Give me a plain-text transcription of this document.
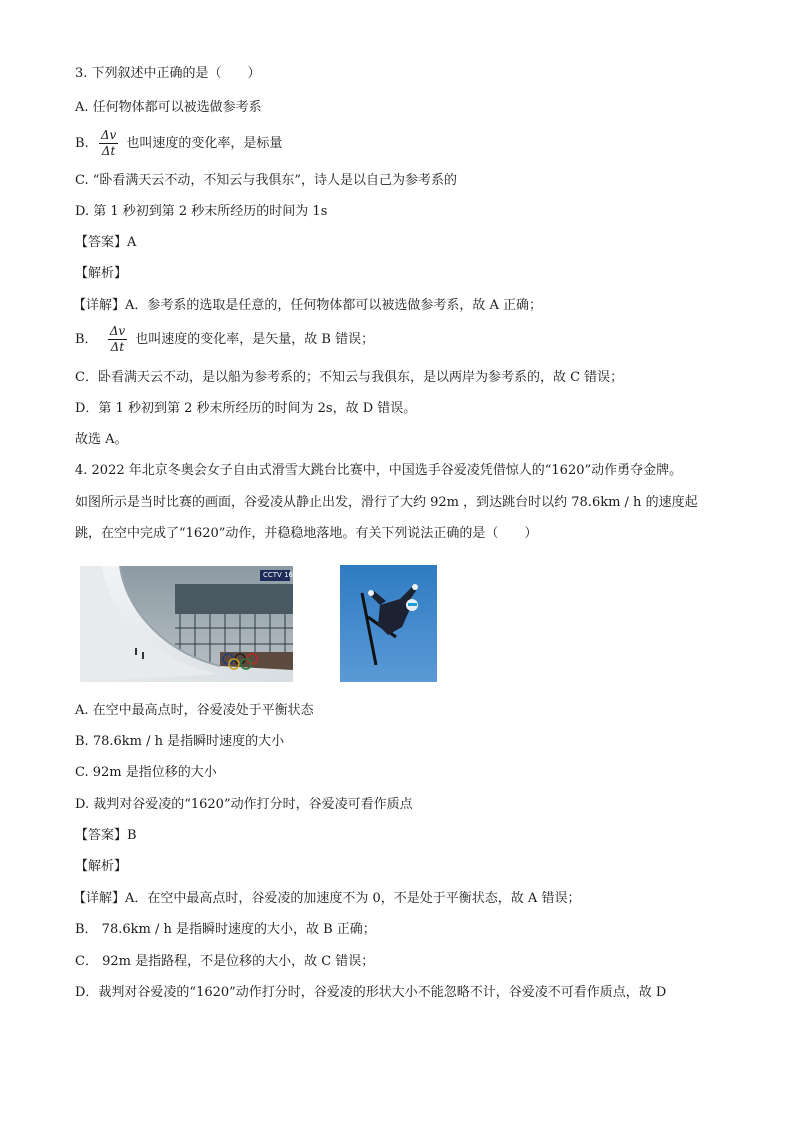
3. 下列叙述中正确的是（　　）
A. 任何物体都可以被选做参考系
B. $\frac{\Delta v}{\Delta t}$ 也叫速度的变化率，是标量
C. “卧看满天云不动，不知云与我俱东”，诗人是以自己为参考系的
D. 第 1 秒初到第 2 秒末所经历的时间为 1s
【答案】A
【解析】
【详解】A．参考系的选取是任意的，任何物体都可以被选做参考系，故 A 正确；
B． $\frac{\Delta v}{\Delta t}$ 也叫速度的变化率，是矢量，故 B 错误；
C．卧看满天云不动，是以船为参考系的；不知云与我俱东，是以两岸为参考系的，故 C 错误；
D．第 1 秒初到第 2 秒末所经历的时间为 2s，故 D 错误。
故选 A。
4. 2022 年北京冬奥会女子自由式滑雪大跳台比赛中，中国选手谷爱凌凭借惊人的“1620”动作勇夺金牌。
如图所示是当时比赛的画面，谷爱凌从静止出发，滑行了大约 92m ，到达跳台时以约 78.6km / h 的速度起
跳，在空中完成了“1620”动作，并稳稳地落地。有关下列说法正确的是（　　）
CCTV 16
A. 在空中最高点时，谷爱凌处于平衡状态
B. 78.6km / h 是指瞬时速度的大小
C. 92m 是指位移的大小
D. 裁判对谷爱凌的“1620”动作打分时，谷爱凌可看作质点
【答案】B
【解析】
【详解】A．在空中最高点时，谷爱凌的加速度不为 0，不是处于平衡状态，故 A 错误；
B． 78.6km / h 是指瞬时速度的大小，故 B 正确；
C． 92m 是指路程，不是位移的大小，故 C 错误；
D．裁判对谷爱凌的“1620”动作打分时，谷爱凌的形状大小不能忽略不计，谷爱凌不可看作质点，故 D
